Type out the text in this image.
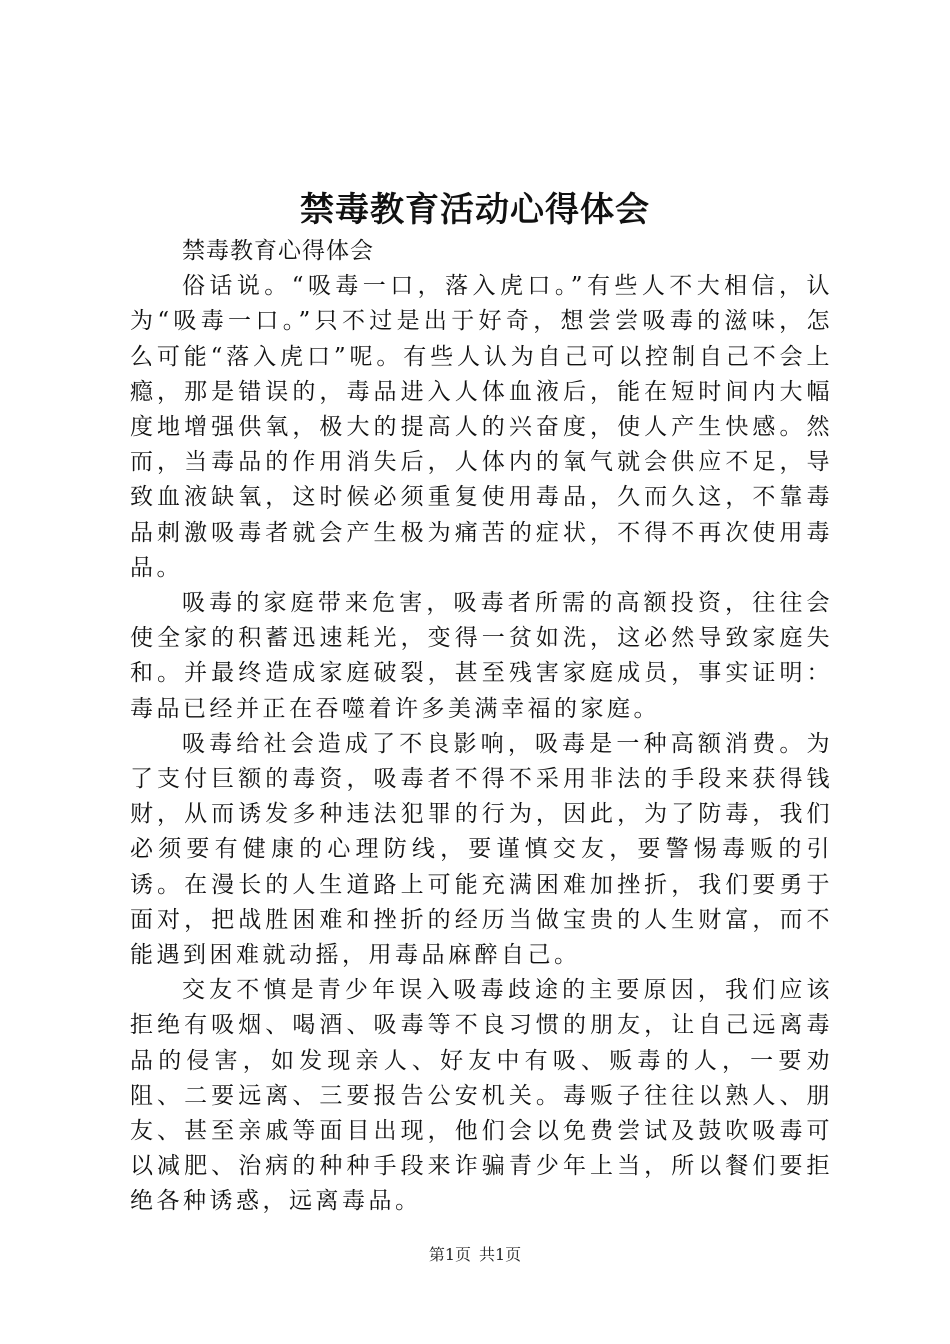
禁毒教育活动心得体会

禁毒教育心得体会

俗话说。“吸毒一口，落入虎口。”有些人不大相信，认为“吸毒一口。”只不过是出于好奇，想尝尝吸毒的滋味，怎么可能“落入虎口”呢。有些人认为自己可以控制自己不会上瘾，那是错误的，毒品进入人体血液后，能在短时间内大幅度地增强供氧，极大的提高人的兴奋度，使人产生快感。然而，当毒品的作用消失后，人体内的氧气就会供应不足，导致血液缺氧，这时候必须重复使用毒品，久而久这，不靠毒品刺激吸毒者就会产生极为痛苦的症状，不得不再次使用毒品。

吸毒的家庭带来危害，吸毒者所需的高额投资，往往会使全家的积蓄迅速耗光，变得一贫如洗，这必然导致家庭失和。并最终造成家庭破裂，甚至残害家庭成员，事实证明：毒品已经并正在吞噬着许多美满幸福的家庭。

吸毒给社会造成了不良影响，吸毒是一种高额消费。为了支付巨额的毒资，吸毒者不得不采用非法的手段来获得钱财，从而诱发多种违法犯罪的行为，因此，为了防毒，我们必须要有健康的心理防线，要谨慎交友，要警惕毒贩的引诱。在漫长的人生道路上可能充满困难加挫折，我们要勇于面对，把战胜困难和挫折的经历当做宝贵的人生财富，而不能遇到困难就动摇，用毒品麻醉自己。

交友不慎是青少年误入吸毒歧途的主要原因，我们应该拒绝有吸烟、喝酒、吸毒等不良习惯的朋友，让自己远离毒品的侵害，如发现亲人、好友中有吸、贩毒的人，一要劝阻、二要远离、三要报告公安机关。毒贩子往往以熟人、朋友、甚至亲戚等面目出现，他们会以免费尝试及鼓吹吸毒可以减肥、治病的种种手段来诈骗青少年上当，所以餐们要拒绝各种诱惑，远离毒品。

第1页 共1页
